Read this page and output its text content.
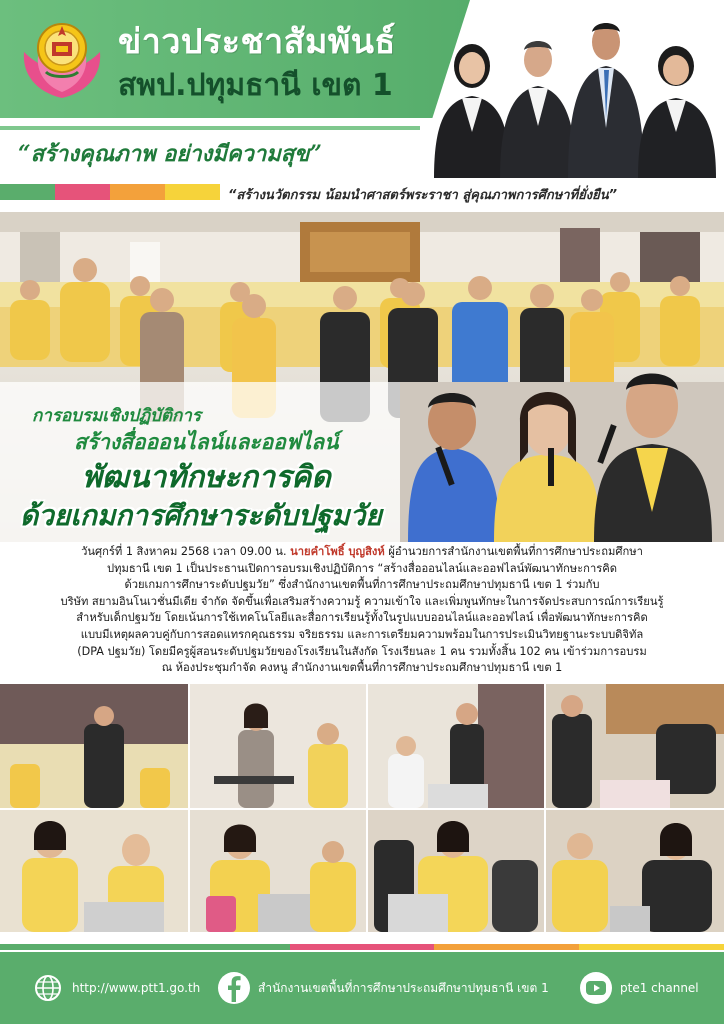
ข่าวประชาสัมพันธ์
สพป.ปทุมธานี เขต 1
“สร้างคุณภาพ อย่างมีความสุข”
“สร้างนวัตกรรม น้อมนำศาสตร์พระราชา สู่คุณภาพการศึกษาที่ยั่งยืน”
การอบรมเชิงปฏิบัติการ
สร้างสื่อออนไลน์และออฟไลน์
พัฒนาทักษะการคิด
ด้วยเกมการศึกษาระดับปฐมวัย
วันศุกร์ที่ 1 สิงหาคม 2568 เวลา 09.00 น. นายคำโพธิ์ บุญสิงห์ ผู้อำนวยการสำนักงานเขตพื้นที่การศึกษาประถมศึกษา
ปทุมธานี เขต 1 เป็นประธานเปิดการอบรมเชิงปฏิบัติการ “สร้างสื่อออนไลน์และออฟไลน์พัฒนาทักษะการคิด
ด้วยเกมการศึกษาระดับปฐมวัย” ซึ่งสำนักงานเขตพื้นที่การศึกษาประถมศึกษาปทุมธานี เขต 1 ร่วมกับ
บริษัท สยามอินโนเวชั่นมีเดีย จำกัด จัดขึ้นเพื่อเสริมสร้างความรู้ ความเข้าใจ และเพิ่มพูนทักษะในการจัดประสบการณ์การเรียนรู้
สำหรับเด็กปฐมวัย โดยเน้นการใช้เทคโนโลยีและสื่อการเรียนรู้ทั้งในรูปแบบออนไลน์และออฟไลน์ เพื่อพัฒนาทักษะการคิด
แบบมีเหตุผลควบคู่กับการสอดแทรกคุณธรรม จริยธรรม และการเตรียมความพร้อมในการประเมินวิทยฐานะระบบดิจิทัล
(DPA ปฐมวัย) โดยมีครูผู้สอนระดับปฐมวัยของโรงเรียนในสังกัด โรงเรียนละ 1 คน รวมทั้งสิ้น 102 คน เข้าร่วมการอบรม
ณ ห้องประชุมกำจัด คงหนู สำนักงานเขตพื้นที่การศึกษาประถมศึกษาปทุมธานี เขต 1
http://www.ptt1.go.th	สำนักงานเขตพื้นที่การศึกษาประถมศึกษาปทุมธานี เขต 1	pte1 channel
